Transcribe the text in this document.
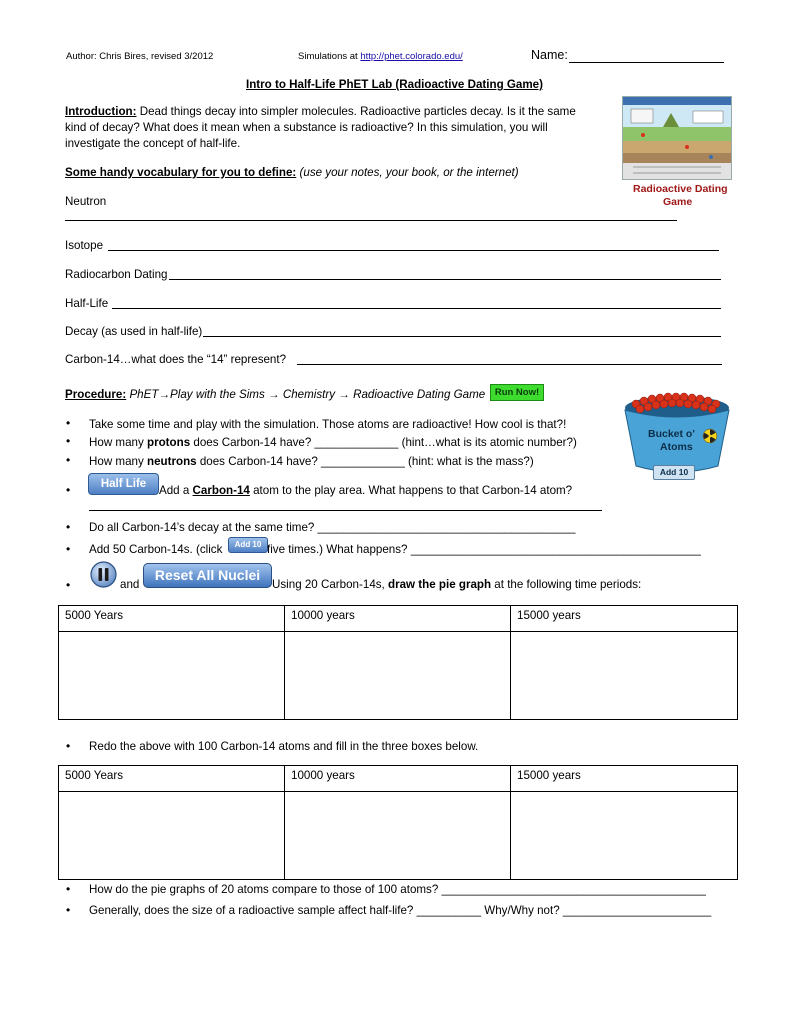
Author: Chris Bires, revised 3/2012	Simulations at http://phet.colorado.edu/	Name:
Intro to Half-Life PhET Lab (Radioactive Dating Game)
Introduction: Dead things decay into simpler molecules. Radioactive particles decay. Is it the same
kind of decay? What does it mean when a substance is radioactive? In this simulation, you will
investigate the concept of half-life.
Radioactive Dating
Game
Some handy vocabulary for you to define: (use your notes, your book, or the internet)
Neutron
Isotope
Radiocarbon Dating
Half-Life
Decay (as used in half-life)
Carbon-14…what does the “14” represent?
Procedure: PhET→Play with the Sims → Chemistry → Radioactive Dating Game	Run Now!
Bucket o'
Atoms
Add 10
• Take some time and play with the simulation. Those atoms are radioactive! How cool is that?!
• How many protons does Carbon-14 have? _____________ (hint…what is its atomic number?)
• How many neutrons does Carbon-14 have? _____________ (hint: what is the mass?)
•	Half Life	Add a Carbon-14 atom to the play area. What happens to that Carbon-14 atom?
• Do all Carbon-14’s decay at the same time? ________________________________________
• Add 50 Carbon-14s. (click	Add 10 five times.) What happens? _____________________________________________
•	and
Reset All Nuclei
Using 20 Carbon-14s, draw the pie graph at the following time periods:
5000 Years	10000 years	15000 years

• Redo the above with 100 Carbon-14 atoms and fill in the three boxes below.
5000 Years	10000 years	15000 years

• How do the pie graphs of 20 atoms compare to those of 100 atoms? _________________________________________
• Generally, does the size of a radioactive sample affect half-life? __________ Why/Why not? _______________________
